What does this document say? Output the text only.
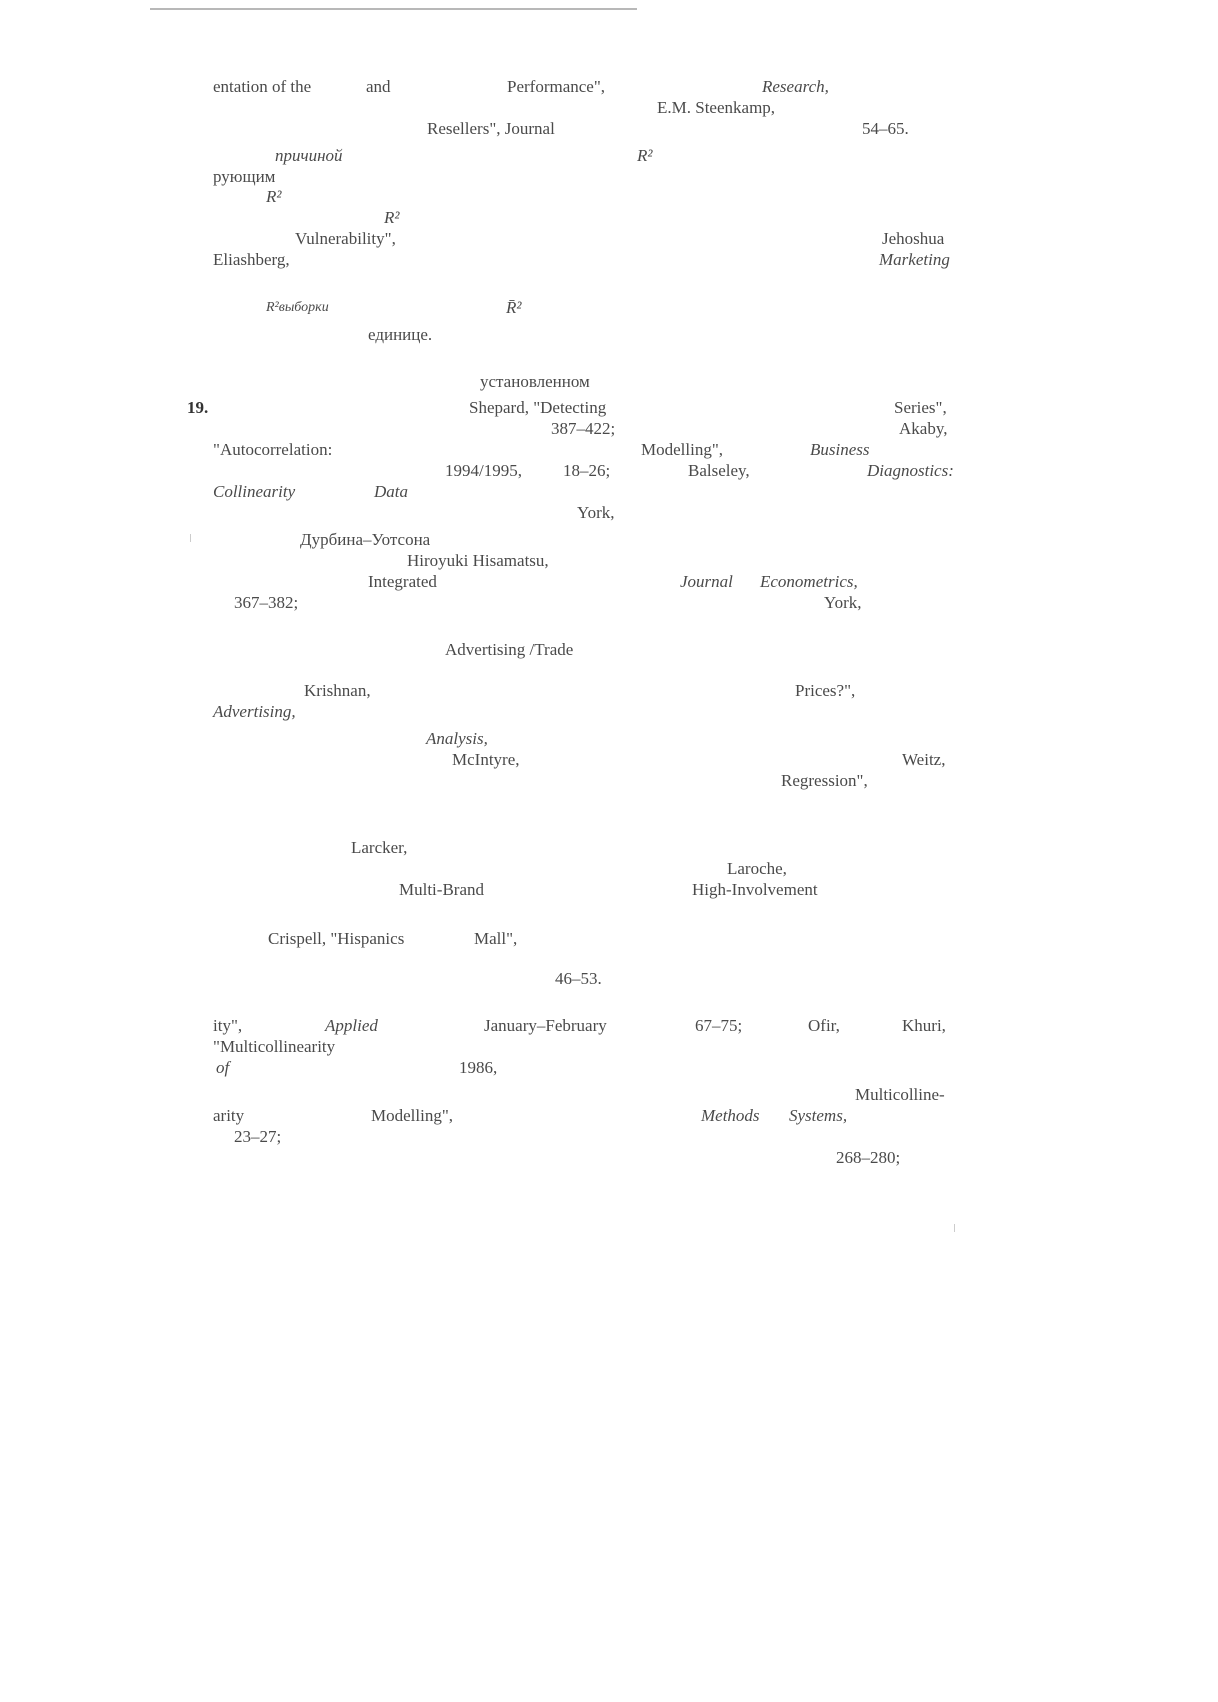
entation of the	and	Performance",	Research,
E.M. Steenkamp,
Resellers", Journal	54–65.
причиной	R²
рующим
R²
R²
Vulnerability",	Jehoshua
Eliashberg,	Marketing
R²выборки	R̄²
единице.
установленном
19.	Shepard, "Detecting	Series",
387–422;	Akaby,
"Autocorrelation:	Modelling",	Business
1994/1995, 18–26;	Balseley,	Diagnostics:
Collinearity	Data
York,
Дурбина–Уотсона
Hiroyuki Hisamatsu,
Integrated	Journal Econometrics,
367–382;	York,
Advertising /Trade
Krishnan,	Prices?",
Advertising,
Analysis,
McIntyre,	Weitz,
Regression",
Larcker,
Laroche,
Multi-Brand	High-Involvement
Crispell, "Hispanics	Mall",
46–53.
ity",	Applied	January–February	67–75;	Ofir,	Khuri,
"Multicollinearity
of	1986,
Multicolline-
arity	Modelling",	Methods Systems,
23–27;
268–280;
